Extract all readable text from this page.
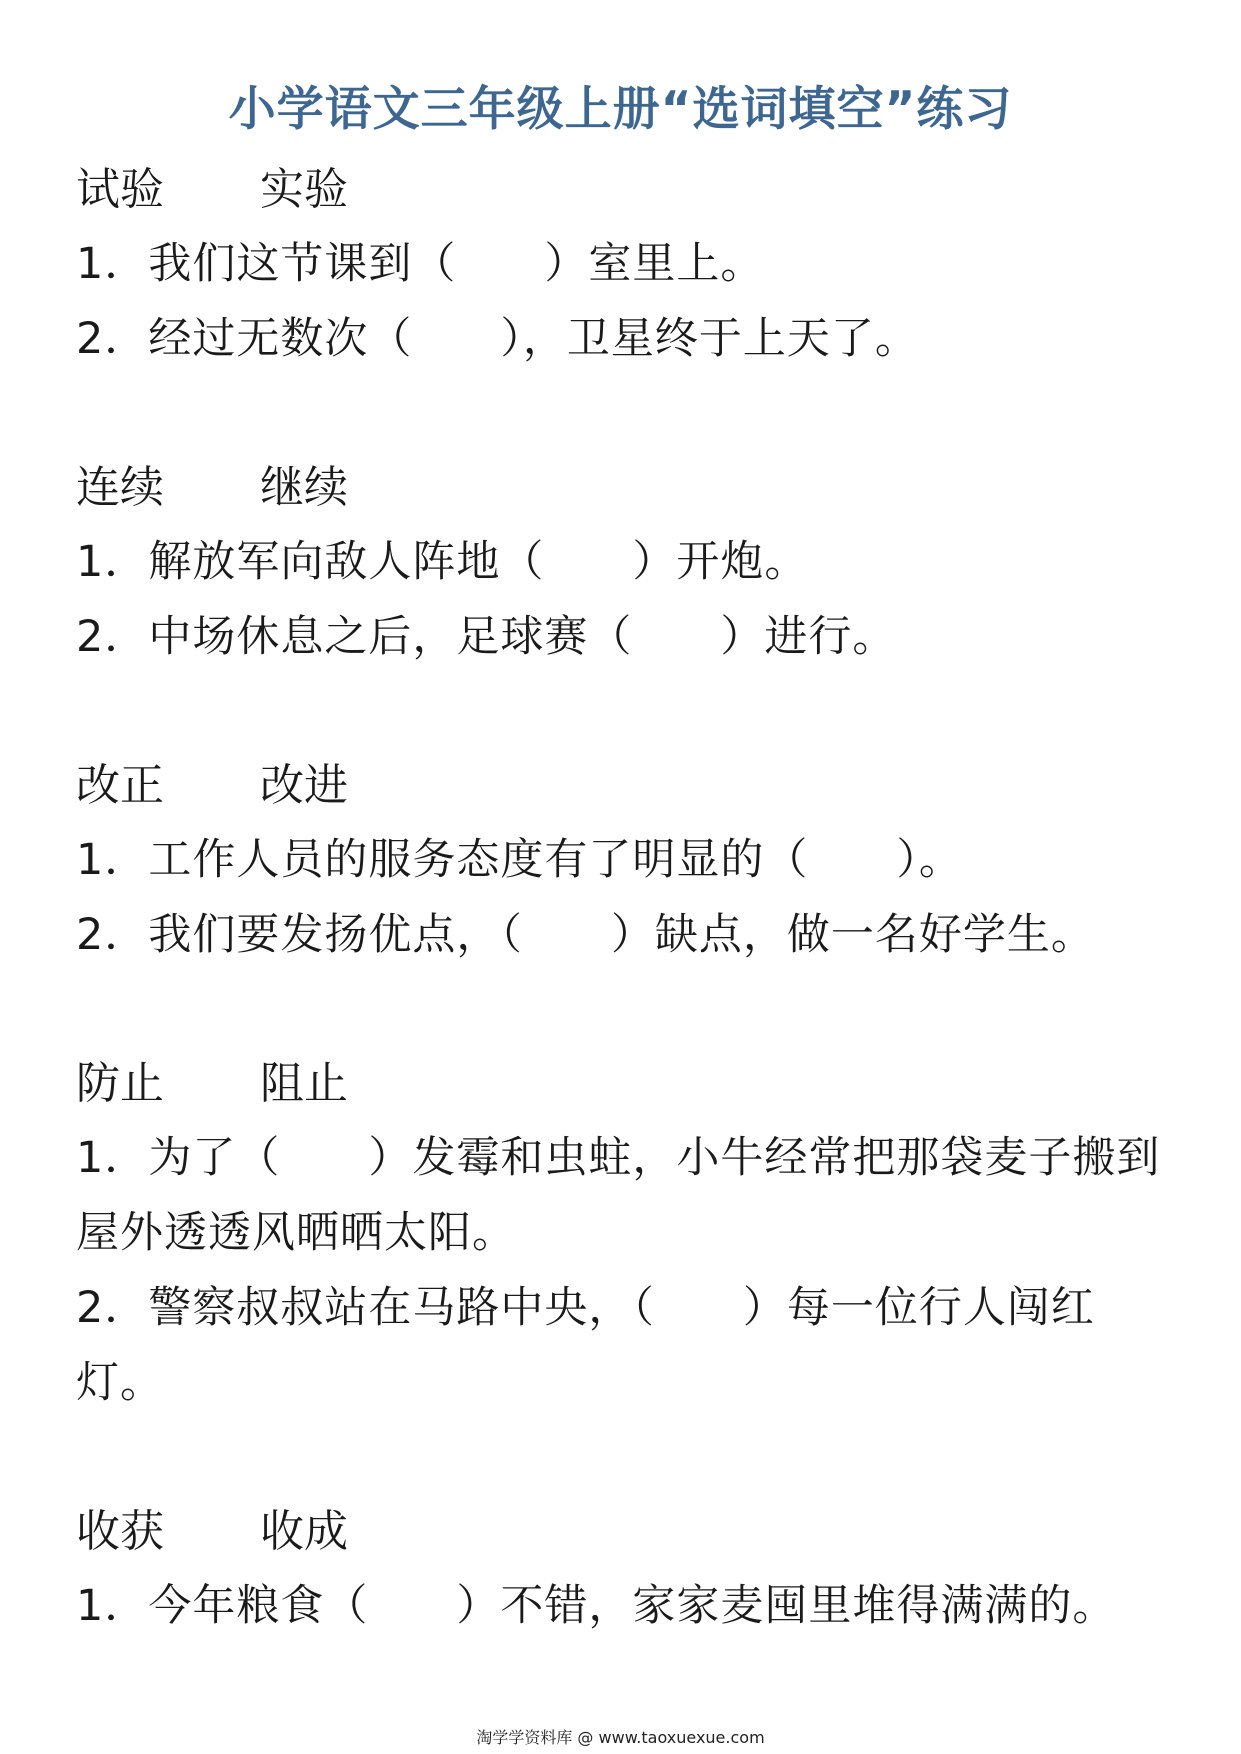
小学语文三年级上册“选词填空”练习
试验 实验
1．我们这节课到（　　）室里上。
2．经过无数次（　　），卫星终于上天了。
连续 继续
1．解放军向敌人阵地（　　）开炮。
2．中场休息之后，足球赛（　　）进行。
改正 改进
1．工作人员的服务态度有了明显的（　　）。
2．我们要发扬优点，（　　）缺点，做一名好学生。
防止 阻止
1．为了（　　）发霉和虫蛀，小牛经常把那袋麦子搬到屋外透透风晒晒太阳。
2．警察叔叔站在马路中央，（　　）每一位行人闯红灯。
收获 收成
1．今年粮食（　　）不错，家家麦囤里堆得满满的。
淘学学资料库 @ www.taoxuexue.com
